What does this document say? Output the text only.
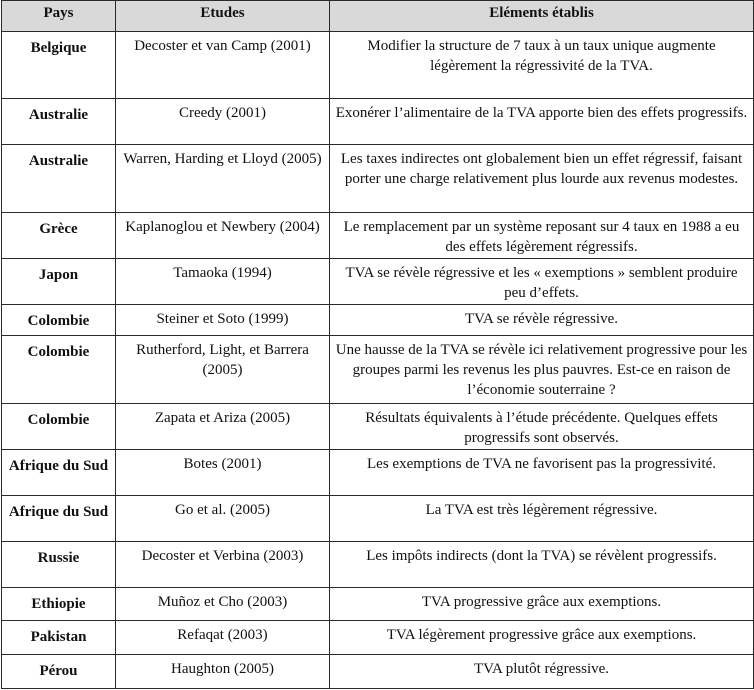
Pays	Etudes	Eléments établis
Belgique	Decoster et van Camp (2001)	Modifier la structure de 7 taux à un taux unique augmente légèrement la régressivité de la TVA.
Australie	Creedy (2001)	Exonérer l’alimentaire de la TVA apporte bien des effets progressifs.
Australie	Warren, Harding et Lloyd (2005)	Les taxes indirectes ont globalement bien un effet régressif, faisant porter une charge relativement plus lourde aux revenus modestes.
Grèce	Kaplanoglou et Newbery (2004)	Le remplacement par un système reposant sur 4 taux en 1988 a eu des effets légèrement régressifs.
Japon	Tamaoka (1994)	TVA se révèle régressive et les « exemptions » semblent produire peu d’effets.
Colombie	Steiner et Soto (1999)	TVA se révèle régressive.
Colombie	Rutherford, Light, et Barrera (2005)	Une hausse de la TVA se révèle ici relativement progressive pour les groupes parmi les revenus les plus pauvres. Est-ce en raison de l’économie souterraine ?
Colombie	Zapata et Ariza (2005)	Résultats équivalents à l’étude précédente. Quelques effets progressifs sont observés.
Afrique du Sud	Botes (2001)	Les exemptions de TVA ne favorisent pas la progressivité.
Afrique du Sud	Go et al. (2005)	La TVA est très légèrement régressive.
Russie	Decoster et Verbina (2003)	Les impôts indirects (dont la TVA) se révèlent progressifs.
Ethiopie	Muñoz et Cho (2003)	TVA progressive grâce aux exemptions.
Pakistan	Refaqat (2003)	TVA légèrement progressive grâce aux exemptions.
Pérou	Haughton (2005)	TVA plutôt régressive.
